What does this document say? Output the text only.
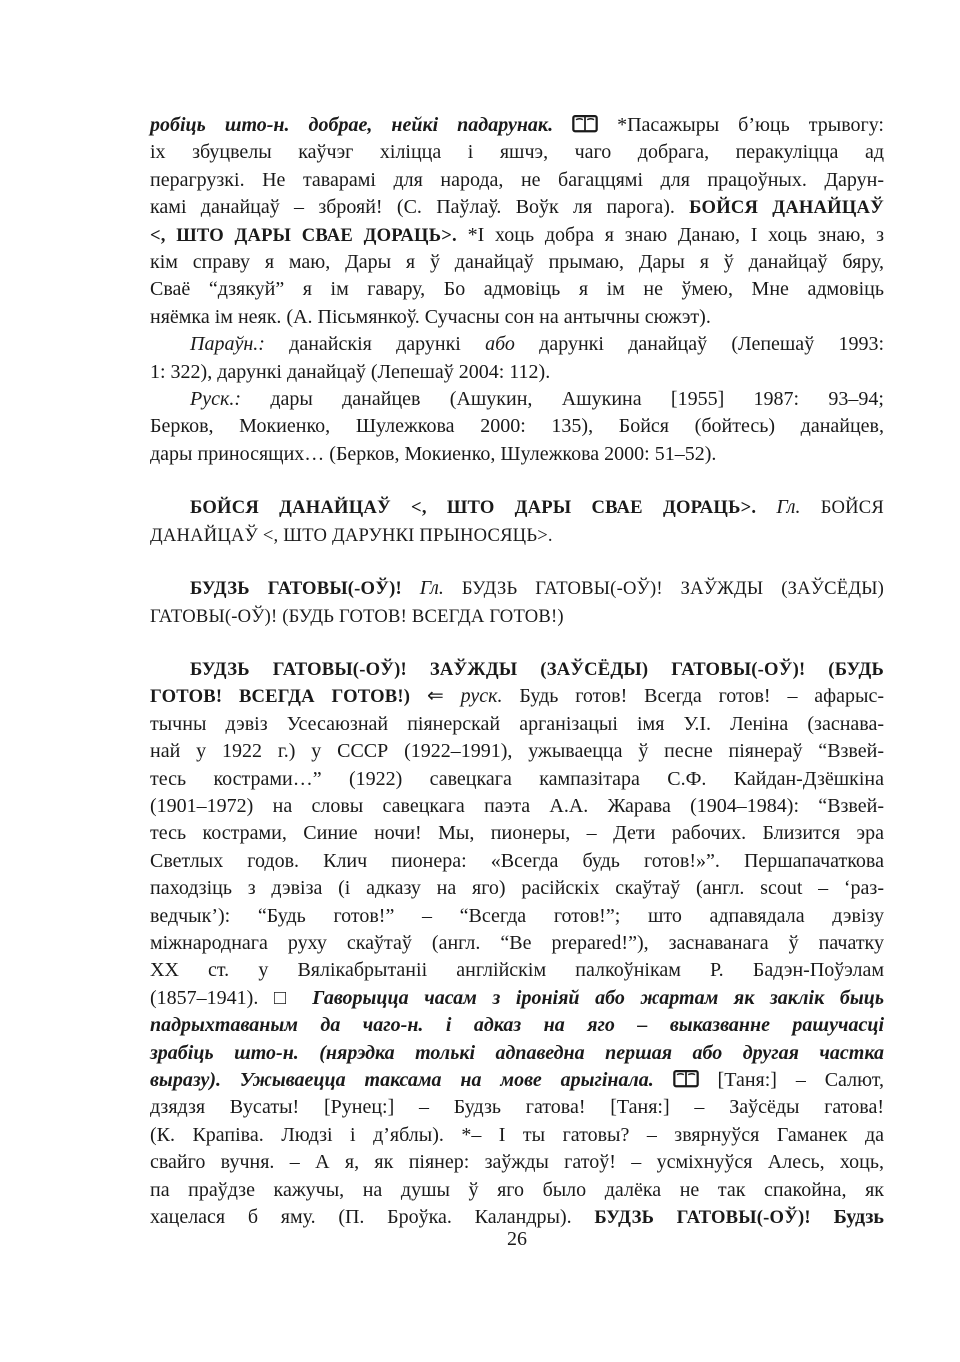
робіць што-н. добрае, нейкі падарунак.  *Пасажыры б’юць трывогу:
іх збуцвелы каўчэг хіліцца і яшчэ, чаго добрага, перакуліцца ад
перагрузкі. Не таварамі для народа, не багаццямі для працоўных. Дарун-
камі данайцаў – зброяй! (С. Паўлаў. Воўк ля парога). БОЙСЯ ДАНАЙЦАЎ
<, ШТО ДАРЫ СВАЕ ДОРАЦЬ>. *І хоць добра я знаю Данаю, І хоць знаю, з
кім справу я маю, Дары я ў данайцаў прымаю, Дары я ў данайцаў бяру,
Сваё “дзякуй” я ім гавару, Бо адмовіць я ім не ўмею, Мне адмовіць
няёмка ім неяк. (А. Пісьмянкоў. Сучасны сон на антычны сюжэт).
Параўн.: данайскія дарункі або дарункі данайцаў (Лепешаў 1993:
1: 322), дарункі данайцаў (Лепешаў 2004: 112).
Руск.: дары данайцев (Ашукин, Ашукина [1955] 1987: 93–94;
Берков, Мокиенко, Шулежкова 2000: 135), Бойся (бойтесь) данайцев,
дары приносящих… (Берков, Мокиенко, Шулежкова 2000: 51–52).
БОЙСЯ ДАНАЙЦАЎ <, ШТО ДАРЫ СВАЕ ДОРАЦЬ>. Гл. БОЙСЯ
ДАНАЙЦАЎ <, ШТО ДАРУНКІ ПРЫНОСЯЦЬ>.
БУДЗЬ ГАТОВЫ(-ОЎ)! Гл. БУДЗЬ ГАТОВЫ(-ОЎ)! ЗАЎЖДЫ (ЗАЎСЁДЫ)
ГАТОВЫ(-ОЎ)! (БУДЬ ГОТОВ! ВСЕГДА ГОТОВ!)
БУДЗЬ ГАТОВЫ(-ОЎ)! ЗАЎЖДЫ (ЗАЎСЁДЫ) ГАТОВЫ(-ОЎ)! (БУДЬ
ГОТОВ! ВСЕГДА ГОТОВ!) ⇐ руск. Будь готов! Всегда готов! – афарыс-
тычны дэвіз Усесаюзнай піянерскай арганізацыі імя У.І. Леніна (заснава-
най у 1922 г.) у СССР (1922–1991), ужываецца ў песне піянераў “Взвей-
тесь кострами…” (1922) савецкага кампазітара С.Ф. Кайдан-Дзёшкіна
(1901–1972) на словы савецкага паэта А.А. Жарава (1904–1984): “Взвей-
тесь кострами, Синие ночи! Мы, пионеры, – Дети рабочих. Близится эра
Светлых годов. Клич пионера: «Всегда будь готов!»”. Першапачаткова
паходзіць з дэвіза (і адказу на яго) расійскіх скаўтаў (англ. scout – ‘раз-
ведчык’): “Будь готов!” – “Всегда готов!”; што адпавядала дэвізу
міжнароднага руху скаўтаў (англ. “Be prepared!”), заснаванага ў пачатку
ХХ ст. у Вялікабрытаніі англійскім палкоўнікам Р. Бадэн-Поўэлам
(1857–1941). □ Гаворыцца часам з іроніяй або жартам як заклік быць
падрыхтаваным да чаго-н. і адказ на яго – выказванне рашучасці
зрабіць што-н. (нярэдка толькі адпаведна першая або другая частка
выразу). Ужываецца таксама на мове арыгінала.  [Таня:] – Салют,
дзядзя Вусаты! [Рунец:] – Будзь гатова! [Таня:] – Заўсёды гатова!
(К. Крапіва. Людзі і д’яблы). *– І ты гатовы? – звярнуўся Гаманек да
свайго вучня. – А я, як піянер: заўжды гатоў! – усміхнуўся Алесь, хоць,
па праўдзе кажучы, на душы ў яго было далёка не так спакойна, як
хацелася б яму. (П. Броўка. Каландры). БУДЗЬ ГАТОВЫ(-ОЎ)! Будзь
26
